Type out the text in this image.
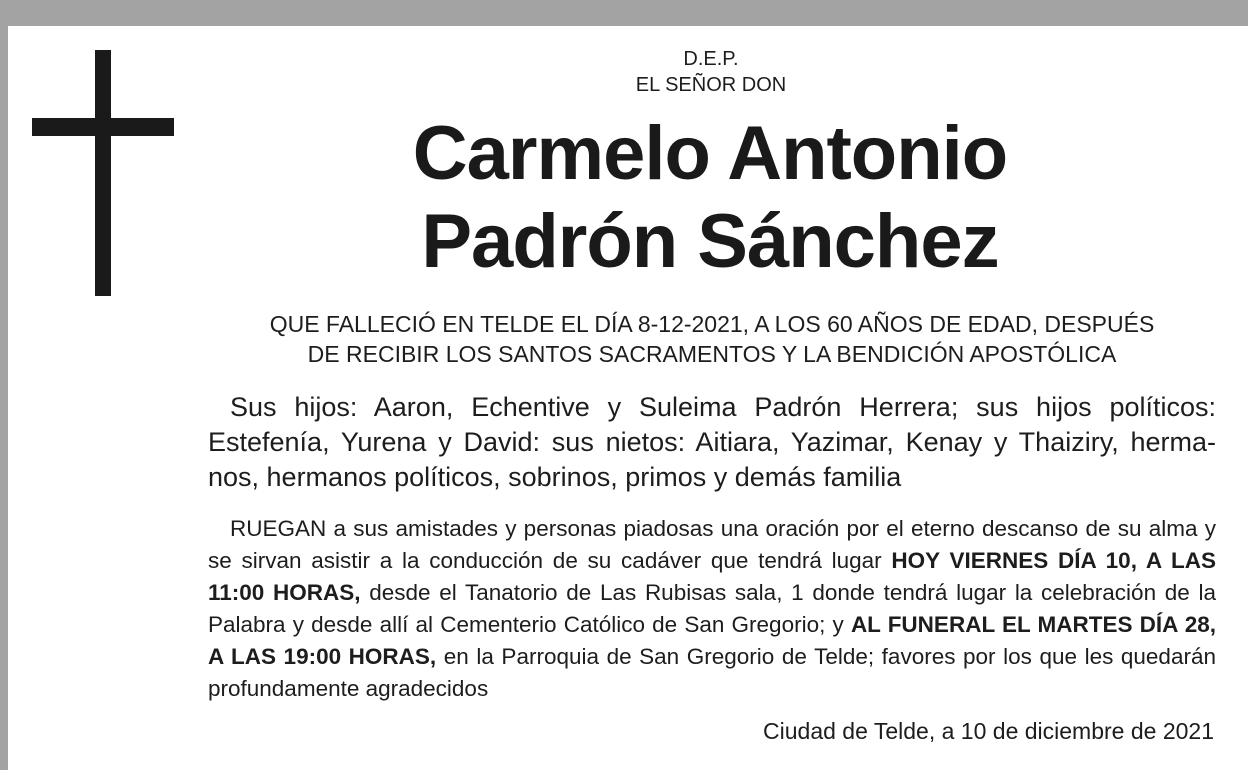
D.E.P.
EL SEÑOR DON
Carmelo Antonio
Padrón Sánchez
QUE FALLECIÓ EN TELDE EL DÍA 8-12-2021, A LOS 60 AÑOS DE EDAD, DESPUÉS
DE RECIBIR LOS SANTOS SACRAMENTOS Y LA BENDICIÓN APOSTÓLICA
Sus hijos: Aaron, Echentive y Suleima Padrón Herrera; sus hijos políticos: Estefenía, Yurena y David: sus nietos: Aitiara, Yazimar, Kenay y Thaiziry, herma-nos, hermanos políticos, sobrinos, primos y demás familia
RUEGAN a sus amistades y personas piadosas una oración por el eterno descanso de su alma y se sirvan asistir a la conducción de su cadáver que tendrá lugar HOY VIERNES DÍA 10, A LAS 11:00 HORAS, desde el Tanatorio de Las Rubisas sala, 1 donde tendrá lugar la celebración de la Palabra y desde allí al Cementerio Católico de San Gregorio; y AL FUNERAL EL MARTES DÍA 28, A LAS 19:00 HORAS, en la Parroquia de San Gregorio de Telde; favores por los que les quedarán profundamente agradecidos
Ciudad de Telde, a 10 de diciembre de 2021
